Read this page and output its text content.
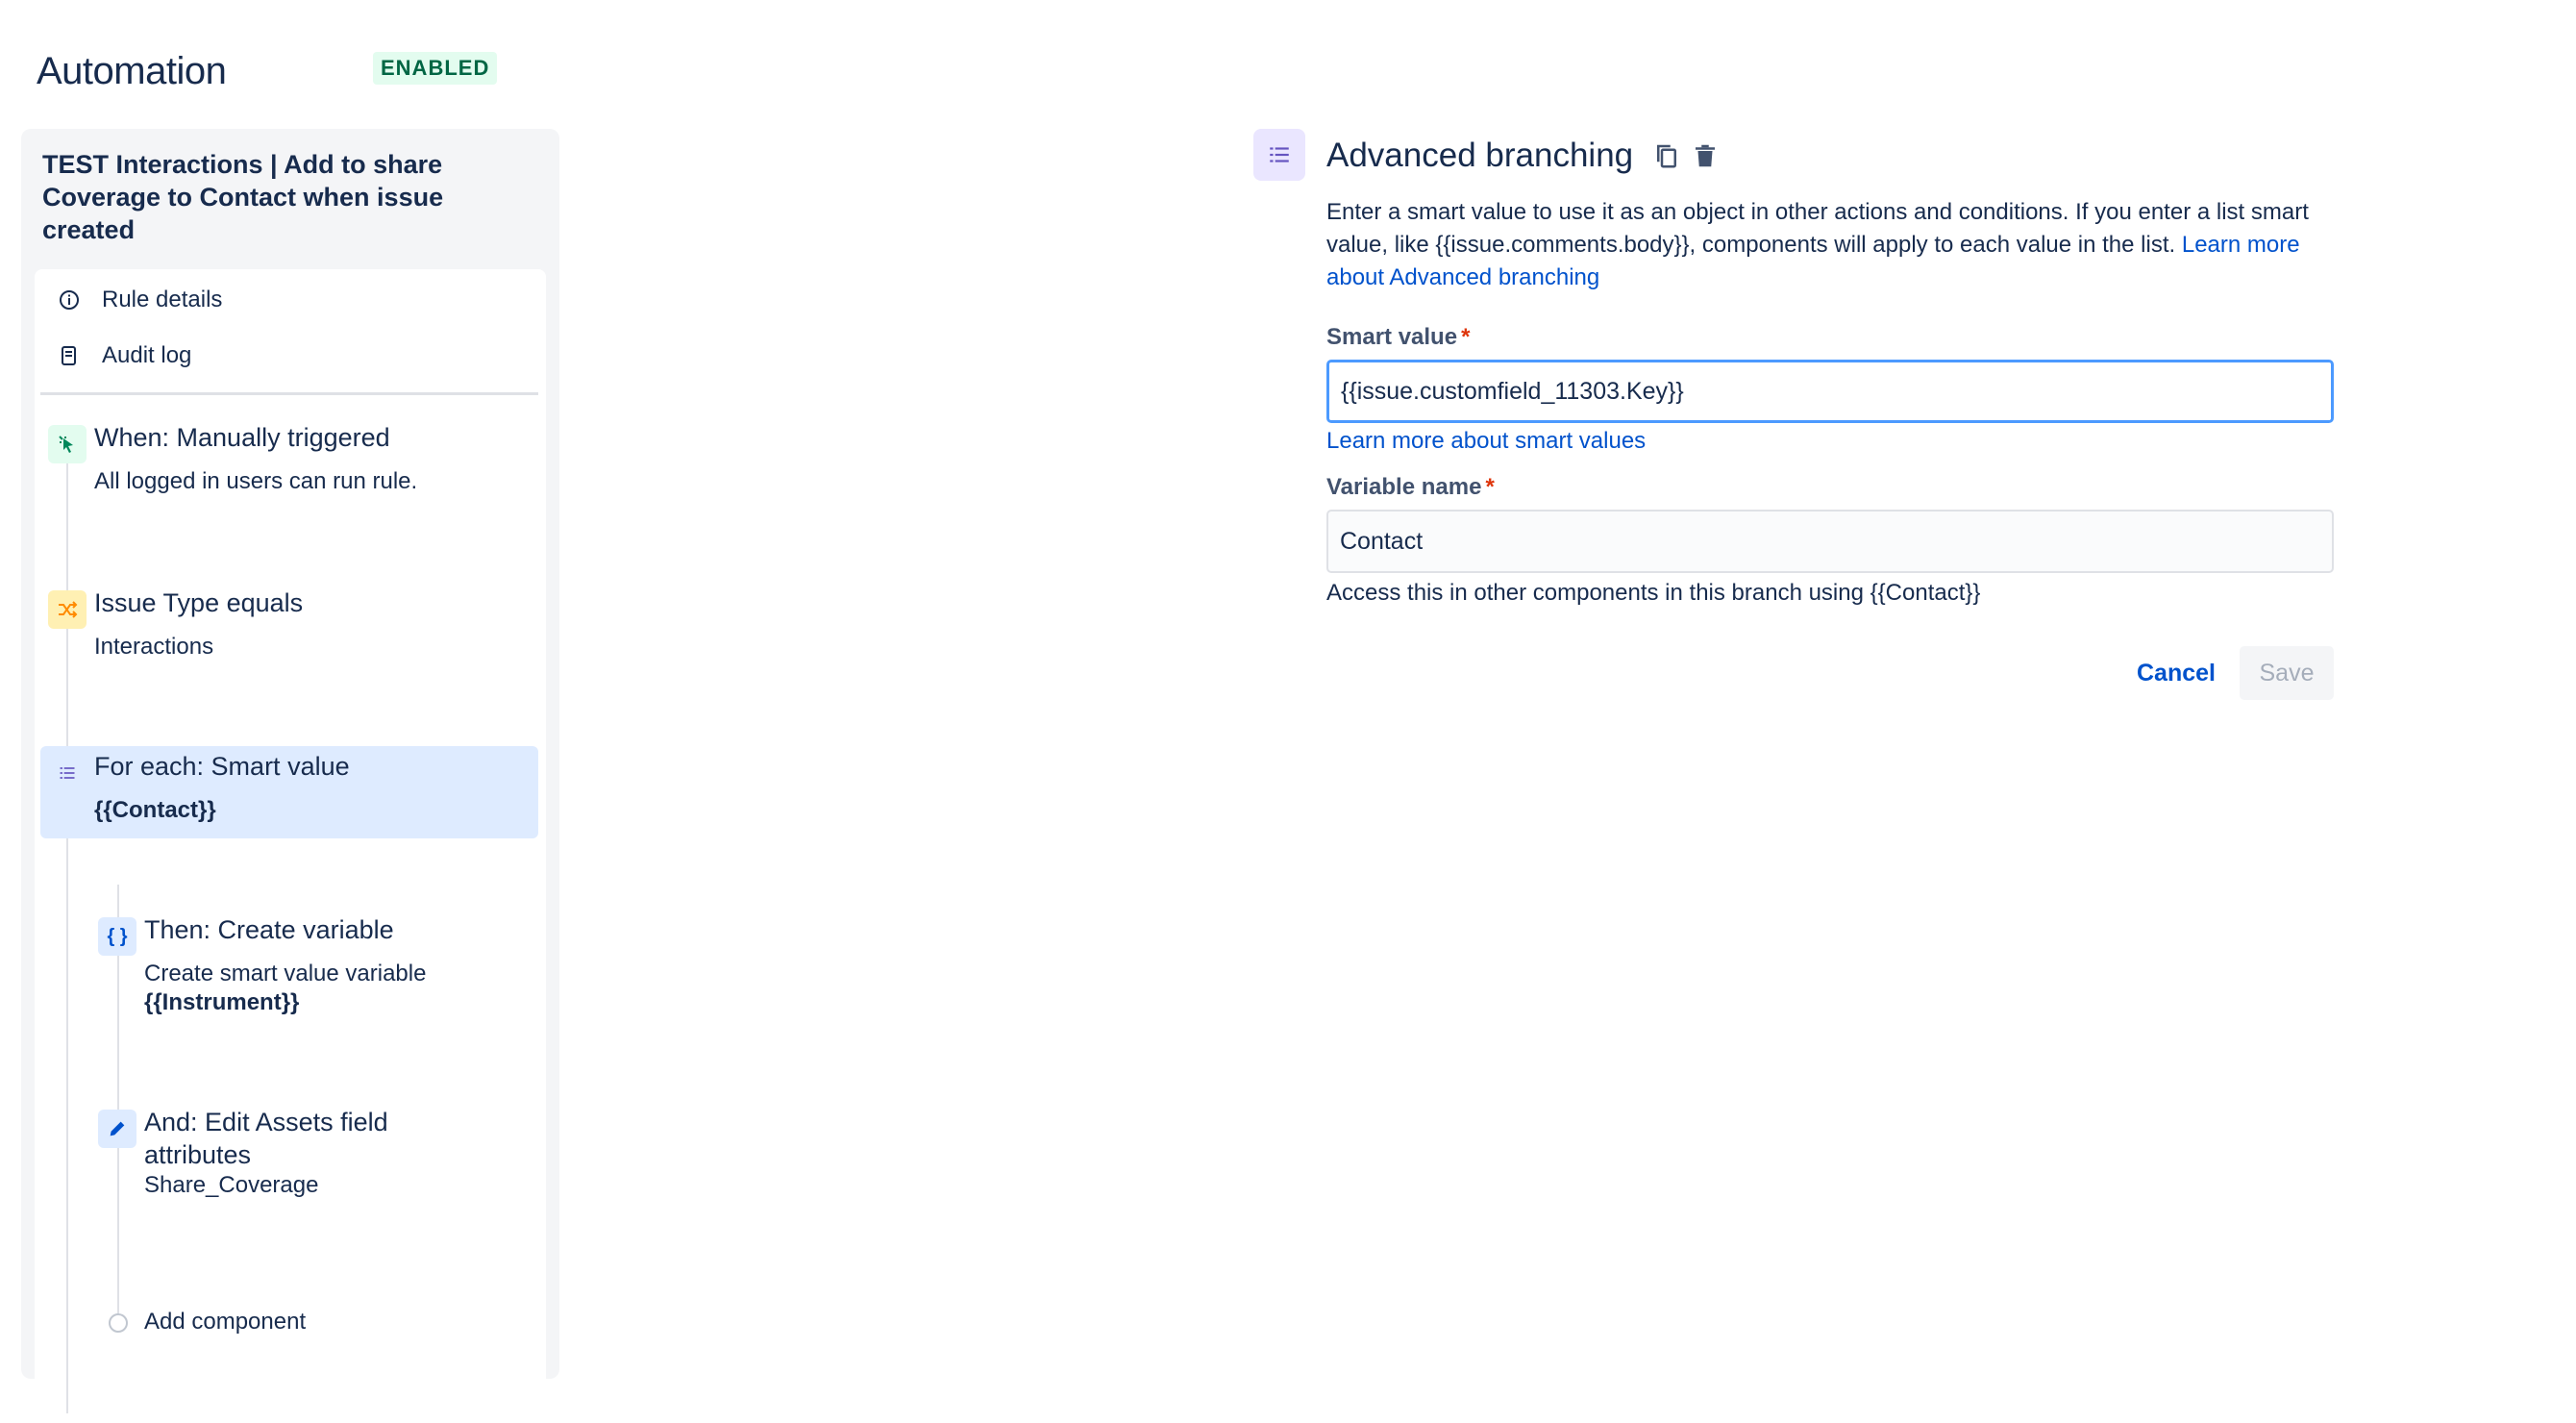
Automation	ENABLED
TEST Interactions | Add to share Coverage to Contact when issue created
Rule details
Audit log
When: Manually triggered
All logged in users can run rule.
Issue Type equals
Interactions
For each: Smart value
{{Contact}}
{ } Then: Create variable
Create smart value variable
{{Instrument}}
And: Edit Assets field attributes
Share_Coverage
Add component
Advanced branching
Enter a smart value to use it as an object in other actions and conditions. If you enter a list smart value, like {{issue.comments.body}}, components will apply to each value in the list. Learn more about Advanced branching
Smart value *
{{issue.customfield_11303.Key}}
Learn more about smart values
Variable name *
Contact
Access this in other components in this branch using {{Contact}}
Cancel	Save
